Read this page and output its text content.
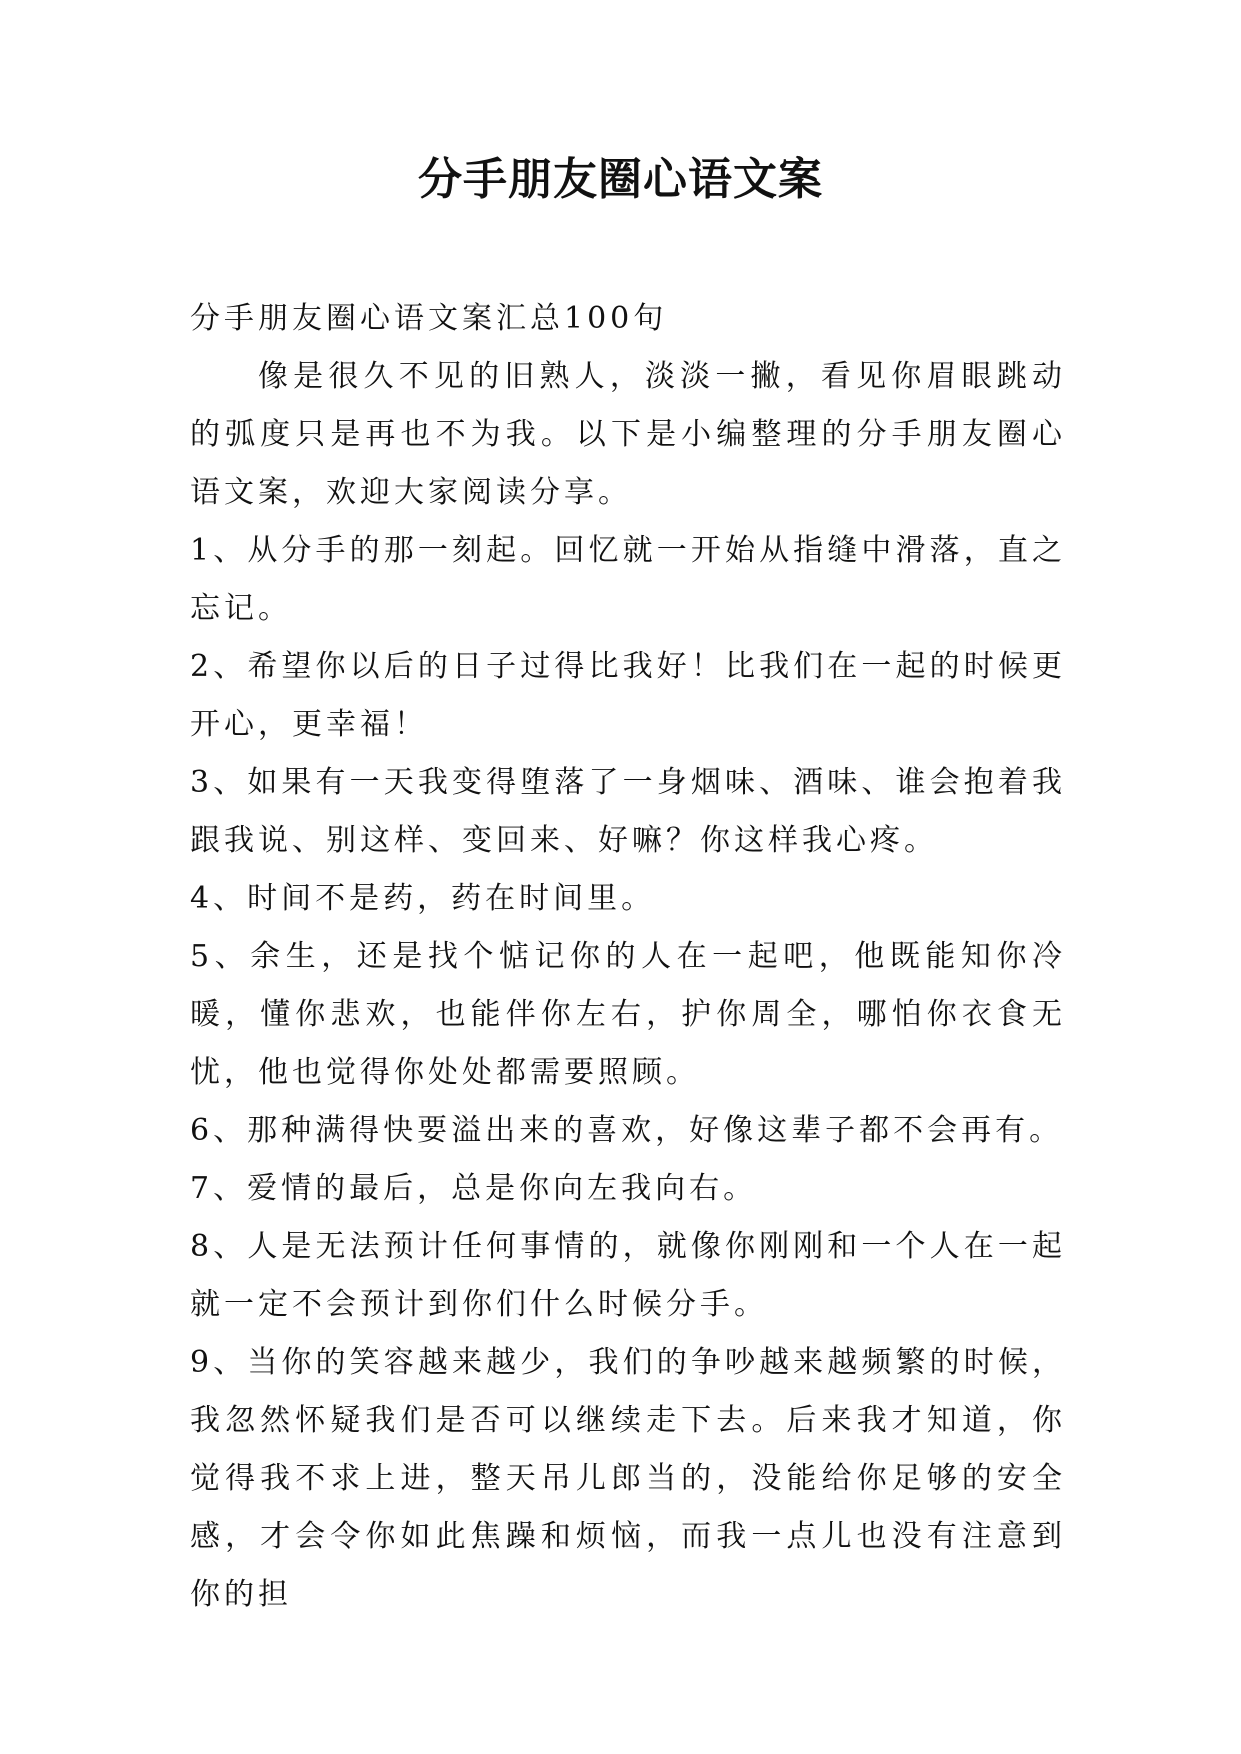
分手朋友圈心语文案

分手朋友圈心语文案汇总100句

像是很久不见的旧熟人，淡淡一撇，看见你眉眼跳动的弧度只是再也不为我。以下是小编整理的分手朋友圈心语文案，欢迎大家阅读分享。

1、从分手的那一刻起。回忆就一开始从指缝中滑落，直之忘记。

2、希望你以后的日子过得比我好！比我们在一起的时候更开心，更幸福！

3、如果有一天我变得堕落了一身烟味、酒味、谁会抱着我跟我说、别这样、变回来、好嘛？你这样我心疼。

4、时间不是药，药在时间里。

5、余生，还是找个惦记你的人在一起吧，他既能知你冷暖，懂你悲欢，也能伴你左右，护你周全，哪怕你衣食无忧，他也觉得你处处都需要照顾。

6、那种满得快要溢出来的喜欢，好像这辈子都不会再有。

7、爱情的最后，总是你向左我向右。

8、人是无法预计任何事情的，就像你刚刚和一个人在一起就一定不会预计到你们什么时候分手。

9、当你的笑容越来越少，我们的争吵越来越频繁的时候，我忽然怀疑我们是否可以继续走下去。后来我才知道，你觉得我不求上进，整天吊儿郎当的，没能给你足够的安全感，才会令你如此焦躁和烦恼，而我一点儿也没有注意到你的担
